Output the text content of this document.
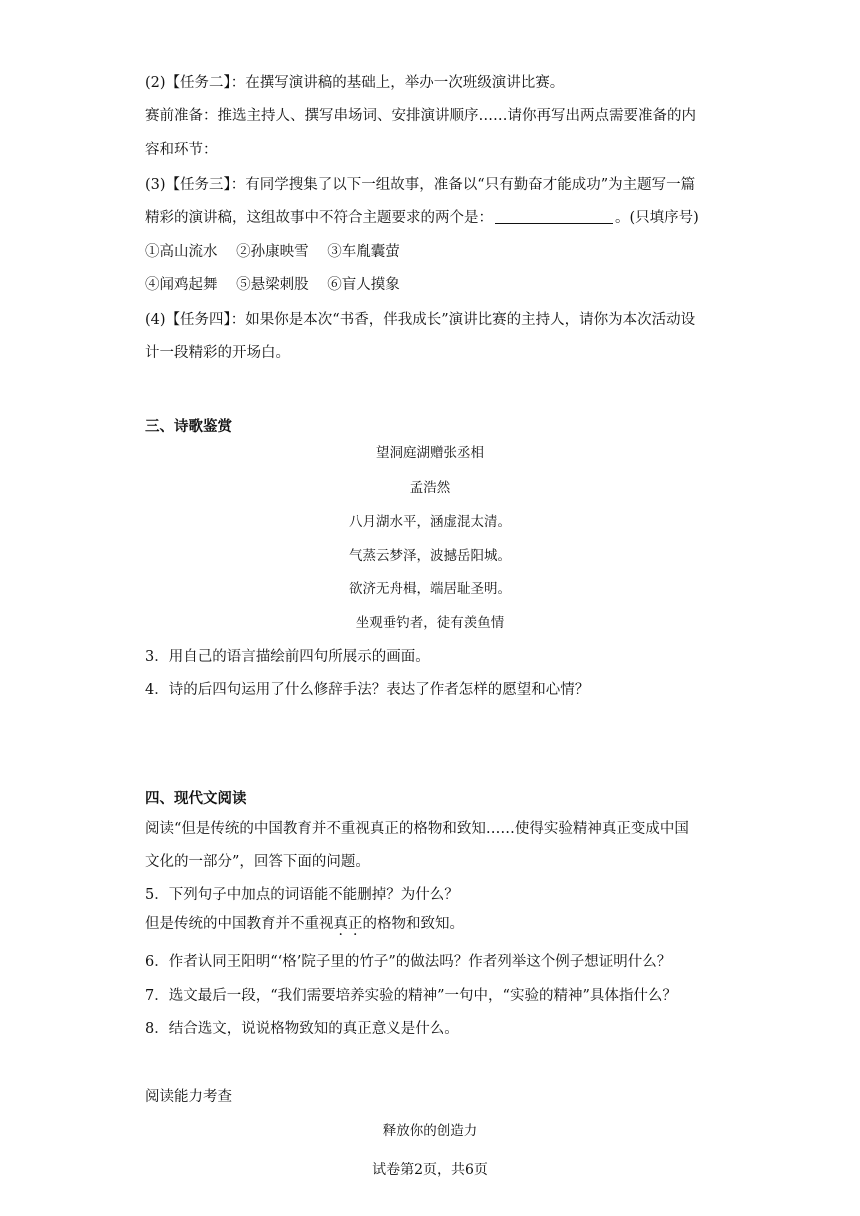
(2)【任务二】：在撰写演讲稿的基础上，举办一次班级演讲比赛。
赛前准备：推选主持人、撰写串场词、安排演讲顺序……请你再写出两点需要准备的内
容和环节：
(3)【任务三】：有同学搜集了以下一组故事，准备以“只有勤奋才能成功”为主题写一篇
精彩的演讲稿，这组故事中不符合主题要求的两个是：	。(只填序号)
①高山流水 ②孙康映雪 ③车胤囊萤
④闻鸡起舞 ⑤悬梁刺股 ⑥盲人摸象
(4)【任务四】：如果你是本次“书香，伴我成长”演讲比赛的主持人，请你为本次活动设
计一段精彩的开场白。
三、诗歌鉴赏
望洞庭湖赠张丞相
孟浩然
八月湖水平，涵虚混太清。
气蒸云梦泽，波撼岳阳城。
欲济无舟楫，端居耻圣明。
坐观垂钓者，徒有羡鱼情
3．用自己的语言描绘前四句所展示的画面。
4．诗的后四句运用了什么修辞手法？表达了作者怎样的愿望和心情？
四、现代文阅读
阅读“但是传统的中国教育并不重视真正的格物和致知……使得实验精神真正变成中国
文化的一部分”，回答下面的问题。
5．下列句子中加点的词语能不能删掉？为什么？
但是传统的中国教育并不重视真正的格物和致知。
6．作者认同王阳明“‘格’院子里的竹子”的做法吗？作者列举这个例子想证明什么？
7．选文最后一段，“我们需要培养实验的精神”一句中，“实验的精神”具体指什么？
8．结合选文，说说格物致知的真正意义是什么。
阅读能力考查
释放你的创造力
试卷第2页，共6页
